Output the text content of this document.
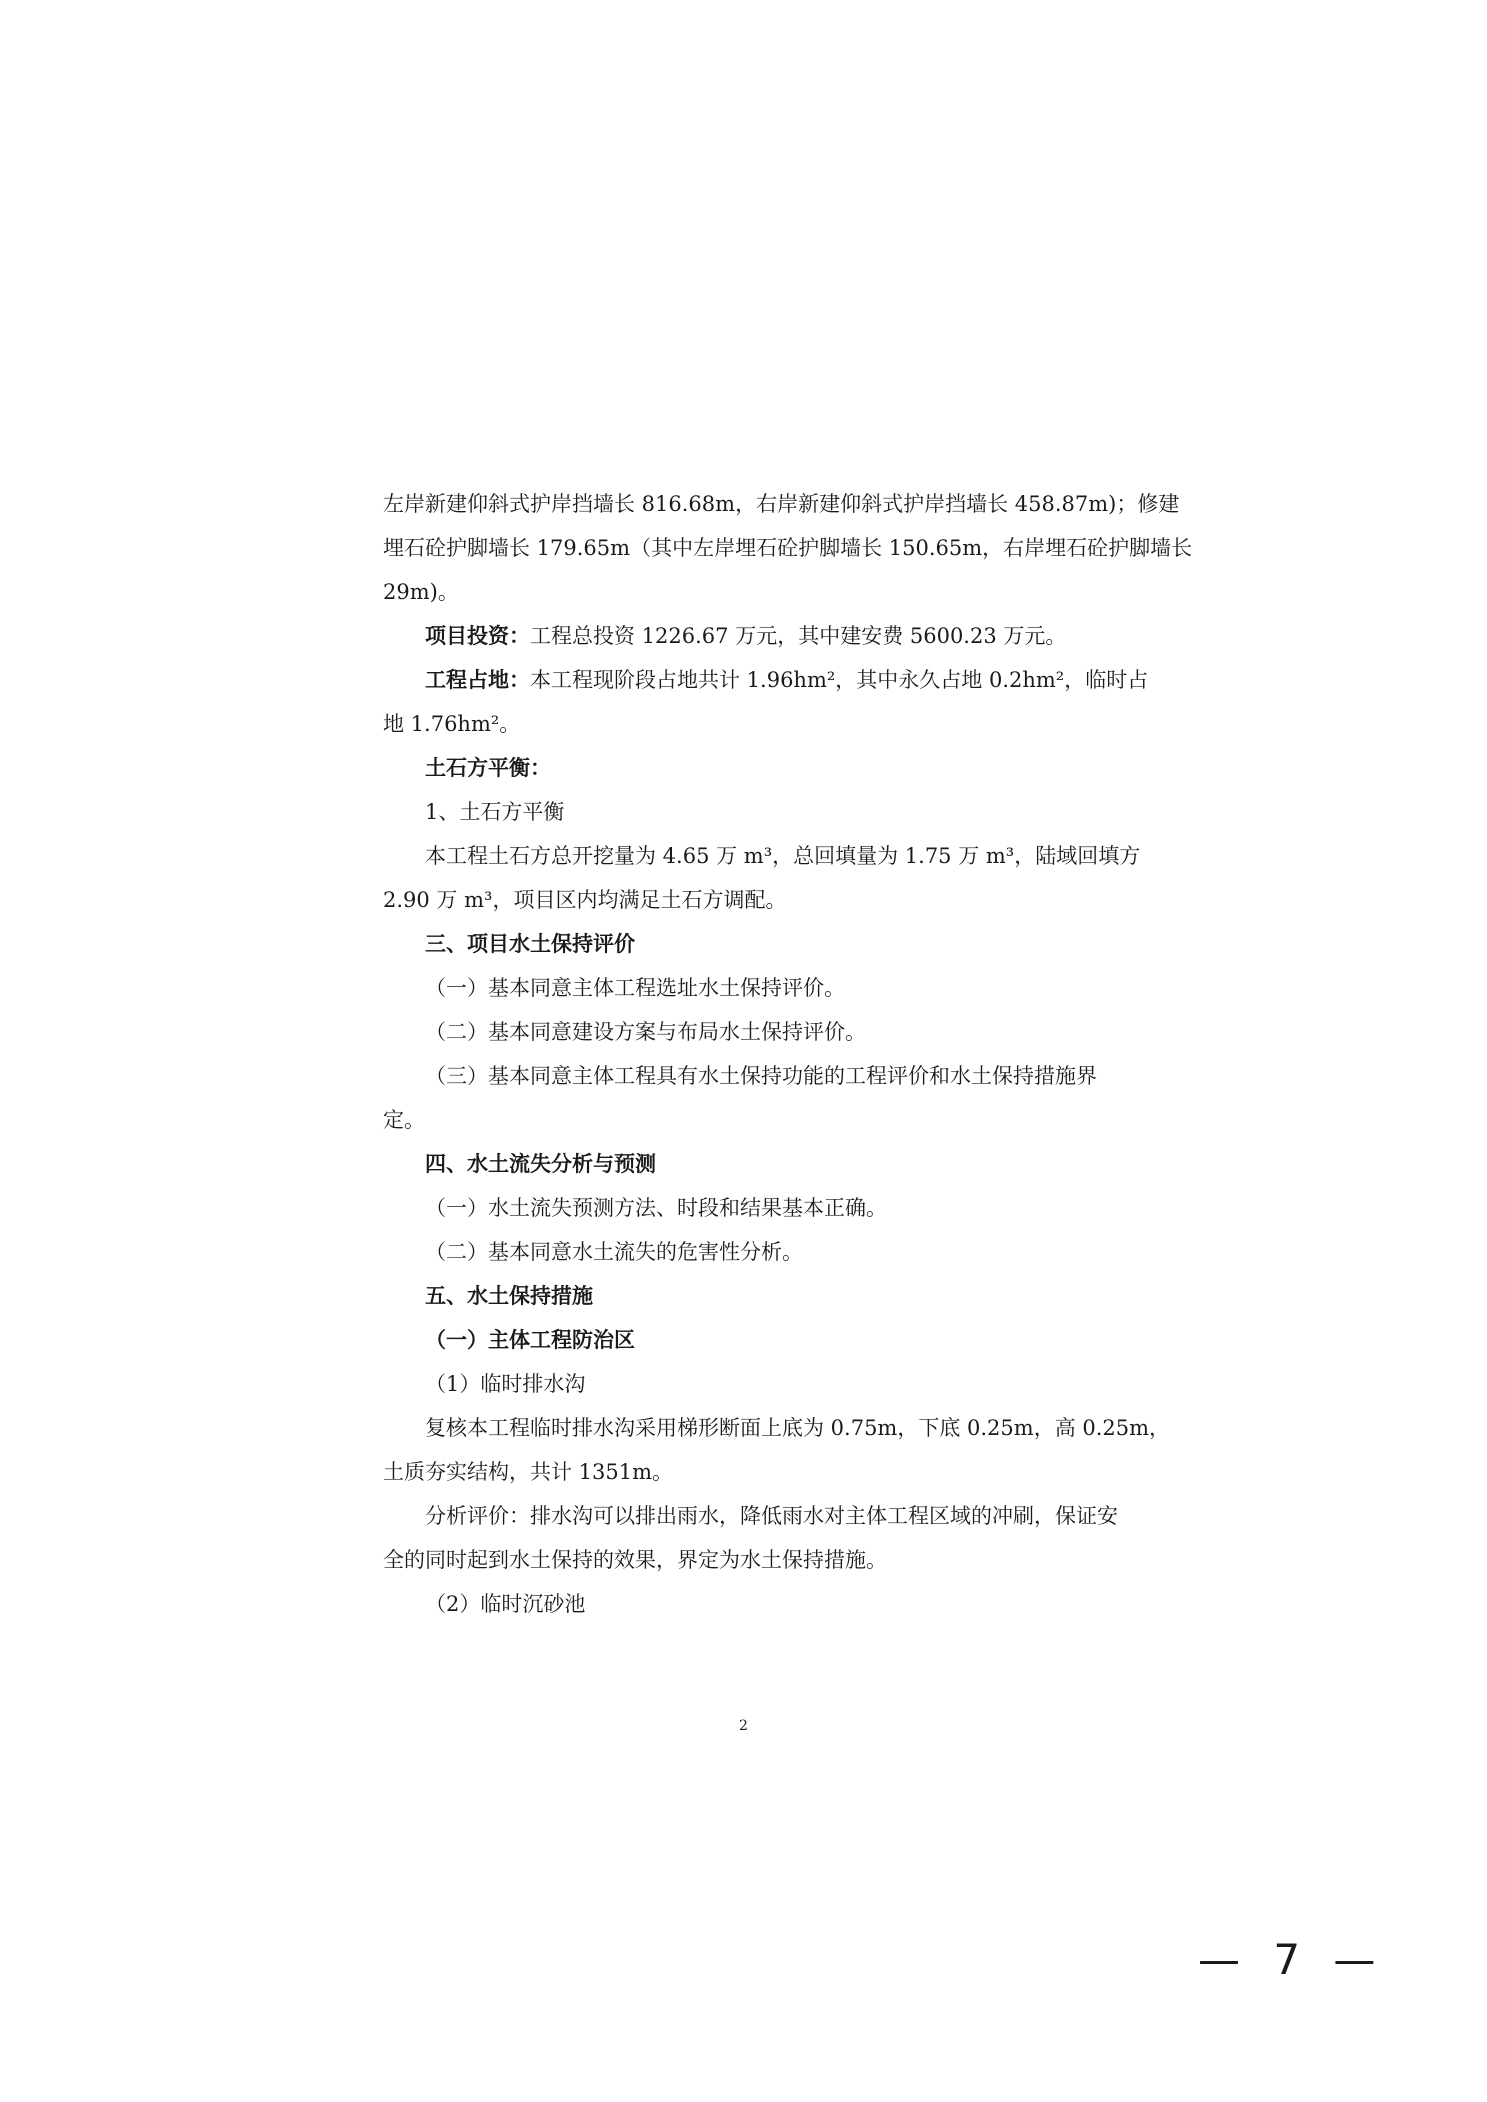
左岸新建仰斜式护岸挡墙长 816.68m，右岸新建仰斜式护岸挡墙长 458.87m)；修建
埋石砼护脚墙长 179.65m（其中左岸埋石砼护脚墙长 150.65m，右岸埋石砼护脚墙长
29m)。
项目投资：工程总投资 1226.67 万元，其中建安费 5600.23 万元。
工程占地：本工程现阶段占地共计 1.96hm²，其中永久占地 0.2hm²，临时占
地 1.76hm²。
土石方平衡：
1、土石方平衡
本工程土石方总开挖量为 4.65 万 m³，总回填量为 1.75 万 m³，陆域回填方
2.90 万 m³，项目区内均满足土石方调配。
三、项目水土保持评价
（一）基本同意主体工程选址水土保持评价。
（二）基本同意建设方案与布局水土保持评价。
（三）基本同意主体工程具有水土保持功能的工程评价和水土保持措施界
定。
四、水土流失分析与预测
（一）水土流失预测方法、时段和结果基本正确。
（二）基本同意水土流失的危害性分析。
五、水土保持措施
（一）主体工程防治区
（1）临时排水沟
复核本工程临时排水沟采用梯形断面上底为 0.75m，下底 0.25m，高 0.25m，
土质夯实结构，共计 1351m。
分析评价：排水沟可以排出雨水，降低雨水对主体工程区域的冲刷，保证安
全的同时起到水土保持的效果，界定为水土保持措施。
（2）临时沉砂池
2
— 7 —
